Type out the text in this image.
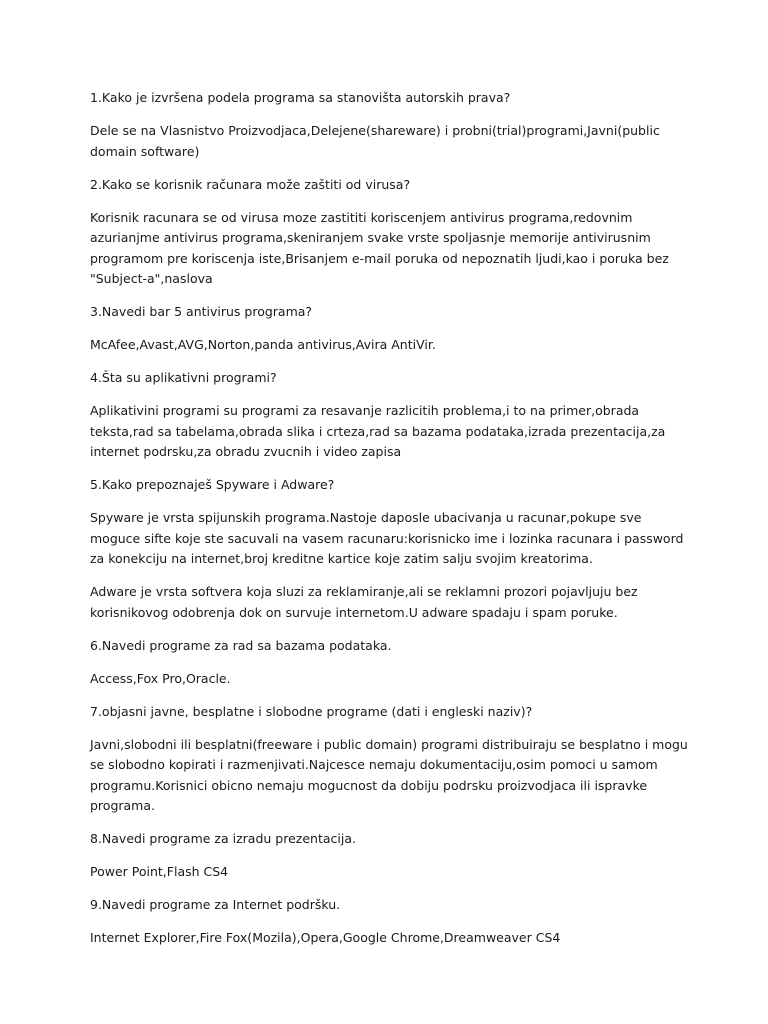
1.Kako je izvršena podela programa sa stanovišta autorskih prava?

Dele se na Vlasnistvo Proizvodjaca,Delejene(shareware) i probni(trial)programi,Javni(public domain software)

2.Kako se korisnik računara može zaštiti od virusa?

Korisnik racunara se od virusa moze zastititi koriscenjem antivirus programa,redovnim azurianjme antivirus programa,skeniranjem svake vrste spoljasnje memorije antivirusnim programom pre koriscenja iste,Brisanjem e-mail poruka od nepoznatih ljudi,kao i poruka bez "Subject-a",naslova

3.Navedi bar 5 antivirus programa?

McAfee,Avast,AVG,Norton,panda antivirus,Avira AntiVir.

4.Šta su aplikativni programi?

Aplikativini programi su programi za resavanje razlicitih problema,i to na primer,obrada teksta,rad sa tabelama,obrada slika i crteza,rad sa bazama podataka,izrada prezentacija,za internet podrsku,za obradu zvucnih i video zapisa

5.Kako prepoznaješ Spyware i Adware?

Spyware je vrsta spijunskih programa.Nastoje daposle ubacivanja u racunar,pokupe sve moguce sifte koje ste sacuvali na vasem racunaru:korisnicko ime i lozinka racunara i password za konekciju na internet,broj kreditne kartice koje zatim salju svojim kreatorima.

Adware je vrsta softvera koja sluzi za reklamiranje,ali se reklamni prozori pojavljuju bez korisnikovog odobrenja dok on survuje internetom.U adware spadaju i spam poruke.

6.Navedi programe za rad sa bazama podataka.

Access,Fox Pro,Oracle.

7.objasni javne, besplatne i slobodne programe (dati i engleski naziv)?

Javni,slobodni ili besplatni(freeware i public domain) programi distribuiraju se besplatno i mogu se slobodno kopirati i razmenjivati.Najcesce nemaju dokumentaciju,osim pomoci u samom programu.Korisnici obicno nemaju mogucnost da dobiju podrsku proizvodjaca ili ispravke programa.

8.Navedi programe za izradu prezentacija.

Power Point,Flash CS4

9.Navedi programe za Internet podršku.

Internet Explorer,Fire Fox(Mozila),Opera,Google Chrome,Dreamweaver CS4
